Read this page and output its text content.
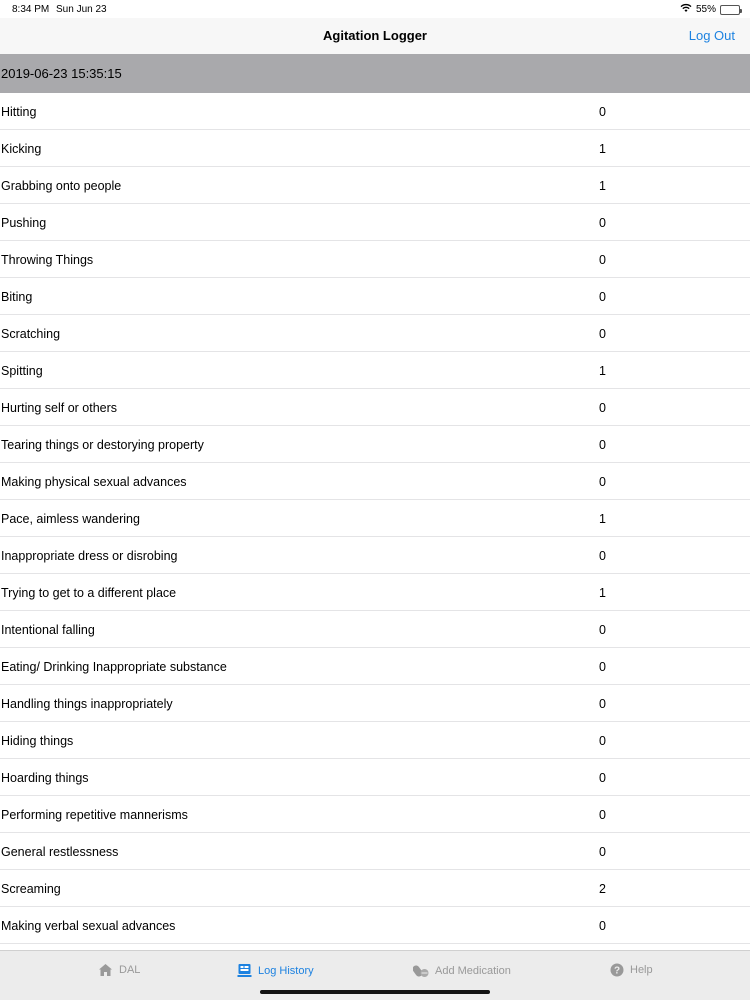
8:34 PM Sun Jun 23	55%
Agitation Logger	Log Out
2019-06-23 15:35:15
Hitting	0
Kicking	1
Grabbing onto people	1
Pushing	0
Throwing Things	0
Biting	0
Scratching	0
Spitting	1
Hurting self or others	0
Tearing things or destorying property	0
Making physical sexual advances	0
Pace, aimless wandering	1
Inappropriate dress or disrobing	0
Trying to get to a different place	1
Intentional falling	0
Eating/ Drinking Inappropriate substance	0
Handling things inappropriately	0
Hiding things	0
Hoarding things	0
Performing repetitive mannerisms	0
General restlessness	0
Screaming	2
Making verbal sexual advances	0
DAL	Log History	Add Medication	? Help
